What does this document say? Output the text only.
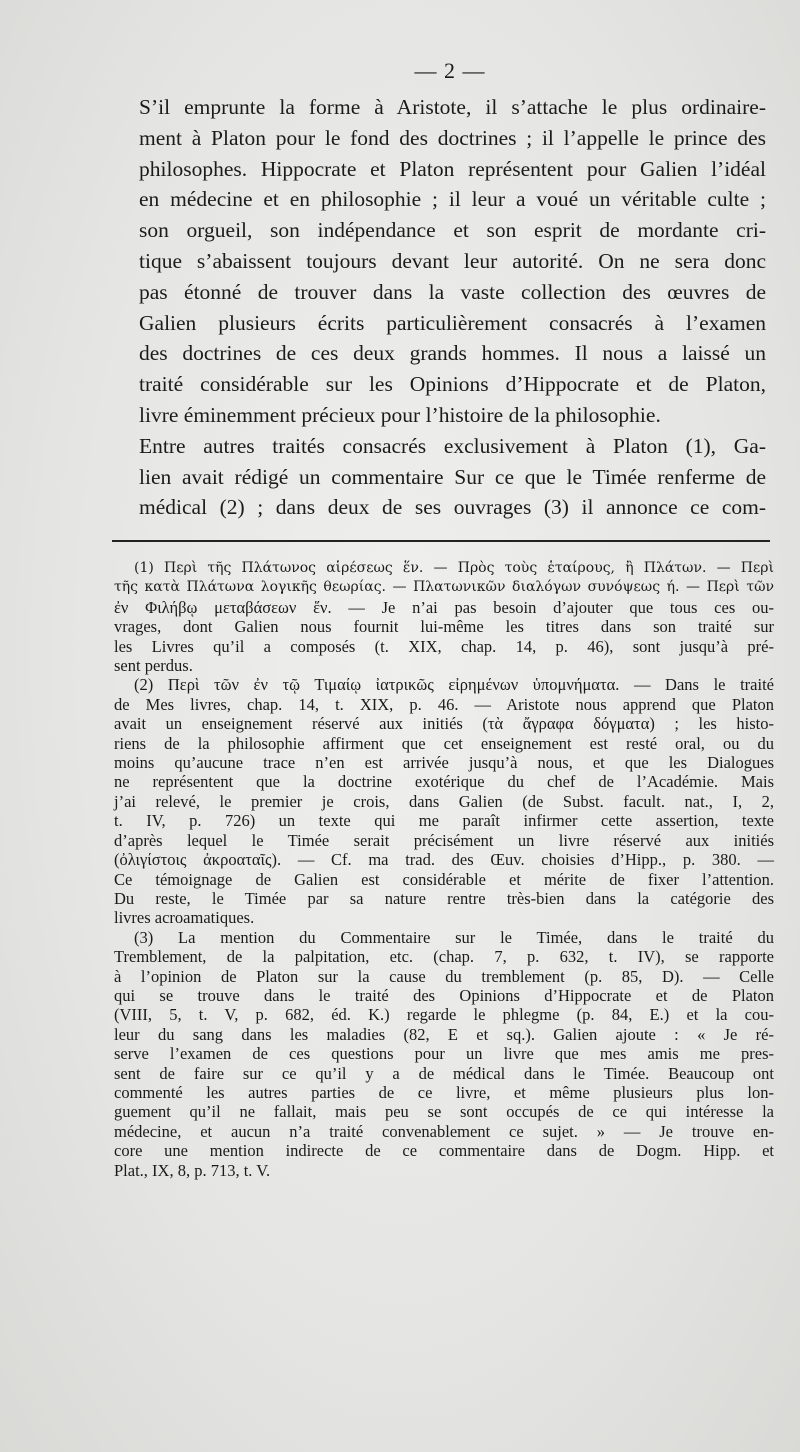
— 2 —

S’il emprunte la forme à Aristote, il s’attache le plus ordinaire-
ment à Platon pour le fond des doctrines ; il l’appelle le prince des
philosophes. Hippocrate et Platon représentent pour Galien l’idéal
en médecine et en philosophie ; il leur a voué un véritable culte ;
son orgueil, son indépendance et son esprit de mordante cri-
tique s’abaissent toujours devant leur autorité. On ne sera donc
pas étonné de trouver dans la vaste collection des œuvres de
Galien plusieurs écrits particulièrement consacrés à l’examen
des doctrines de ces deux grands hommes. Il nous a laissé un
traité considérable sur les Opinions d’Hippocrate et de Platon,
livre éminemment précieux pour l’histoire de la philosophie.

Entre autres traités consacrés exclusivement à Platon (1), Ga-
lien avait rédigé un commentaire Sur ce que le Timée renferme de
médical (2) ; dans deux de ses ouvrages (3) il annonce ce com-

(1) Περὶ τῆς Πλάτωνος αἱρέσεως ἕν. — Πρὸς τοὺς ἑταίρους, ἢ Πλάτων. — Περὶ
τῆς κατὰ Πλάτωνα λογικῆς θεωρίας. — Πλατωνικῶν διαλόγων συνόψεως ή. — Περὶ τῶν
ἐν Φιλήβῳ μεταβάσεων ἕν. — Je n’ai pas besoin d’ajouter que tous ces ou-
vrages, dont Galien nous fournit lui-même les titres dans son traité sur
les Livres qu’il a composés (t. XIX, chap. 14, p. 46), sont jusqu’à pré-
sent perdus.

(2) Περὶ τῶν ἐν τῷ Τιμαίῳ ἰατρικῶς εἰρημένων ὑπομνήματα. — Dans le traité
de Mes livres, chap. 14, t. XIX, p. 46. — Aristote nous apprend que Platon
avait un enseignement réservé aux initiés (τὰ ἄγραφα δόγματα) ; les histo-
riens de la philosophie affirment que cet enseignement est resté oral, ou du
moins qu’aucune trace n’en est arrivée jusqu’à nous, et que les Dialogues
ne représentent que la doctrine exotérique du chef de l’Académie. Mais
j’ai relevé, le premier je crois, dans Galien (de Subst. facult. nat., I, 2,
t. IV, p. 726) un texte qui me paraît infirmer cette assertion, texte
d’après lequel le Timée serait précisément un livre réservé aux initiés
(ὀλιγίστοις ἀκροαταῖς). — Cf. ma trad. des Œuv. choisies d’Hipp., p. 380. —
Ce témoignage de Galien est considérable et mérite de fixer l’attention.
Du reste, le Timée par sa nature rentre très-bien dans la catégorie des
livres acroamatiques.

(3) La mention du Commentaire sur le Timée, dans le traité du
Tremblement, de la palpitation, etc. (chap. 7, p. 632, t. IV), se rapporte
à l’opinion de Platon sur la cause du tremblement (p. 85, D). — Celle
qui se trouve dans le traité des Opinions d’Hippocrate et de Platon
(VIII, 5, t. V, p. 682, éd. K.) regarde le phlegme (p. 84, E.) et la cou-
leur du sang dans les maladies (82, E et sq.). Galien ajoute : « Je ré-
serve l’examen de ces questions pour un livre que mes amis me pres-
sent de faire sur ce qu’il y a de médical dans le Timée. Beaucoup ont
commenté les autres parties de ce livre, et même plusieurs plus lon-
guement qu’il ne fallait, mais peu se sont occupés de ce qui intéresse la
médecine, et aucun n’a traité convenablement ce sujet. » — Je trouve en-
core une mention indirecte de ce commentaire dans de Dogm. Hipp. et
Plat., IX, 8, p. 713, t. V.
